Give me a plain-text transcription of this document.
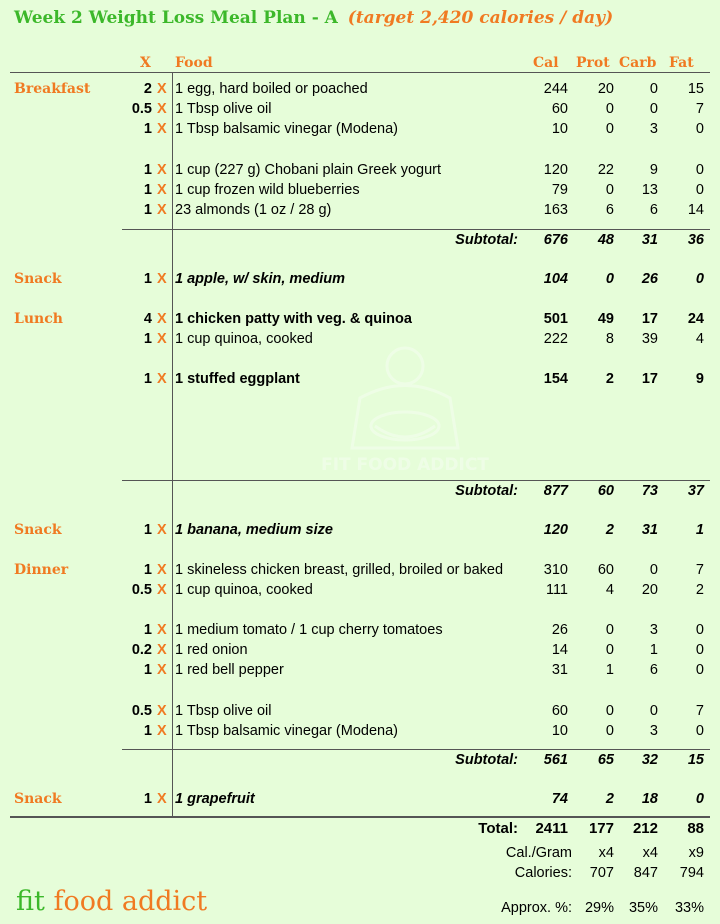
Week 2 Weight Loss Meal Plan - A (target 2,420 calories / day)
X Food	Cal Prot Carb Fat
FIT FOOD ADDICT
Breakfast	2 X 1 egg, hard boiled or poached	244 20 0 15
0.5 X 1 Tbsp olive oil	60	0 0	7
1 X 1 Tbsp balsamic vinegar (Modena)	10	0 3	0
1 X 1 cup (227 g) Chobani plain Greek yogurt	120 22 9	0
1 X 1 cup frozen wild blueberries	79	0 13	0
1 X 23 almonds (1 oz / 28 g)	163	6 6 14
Subtotal: 676 48 31 36
Snack	1 X 1 apple, w/ skin, medium	104	0 26	0
Lunch	4 X 1 chicken patty with veg. & quinoa	501 49 17 24
1 X 1 cup quinoa, cooked	222	8 39	4
1 X 1 stuffed eggplant	154	2 17	9
Subtotal: 877 60 73 37
Snack	1 X 1 banana, medium size	120	2 31	1
Dinner	1 X 1 skineless chicken breast, grilled, broiled or baked	310 60 0	7
0.5 X 1 cup quinoa, cooked	111	4 20	2
1 X 1 medium tomato / 1 cup cherry tomatoes	26	0 3	0
0.2 X 1 red onion	14	0 1	0
1 X 1 red bell pepper	31	1 6	0
0.5 X 1 Tbsp olive oil	60	0 0	7
1 X 1 Tbsp balsamic vinegar (Modena)	10	0 3	0
Subtotal: 561 65 32 15
Snack	1 X 1 grapefruit	74	2 18	0
Total: 2411 177 212 88
Cal./Gram x4 x4 x9
Calories: 707 847 794
Approx. %: 29% 35% 33%
fit food addict
